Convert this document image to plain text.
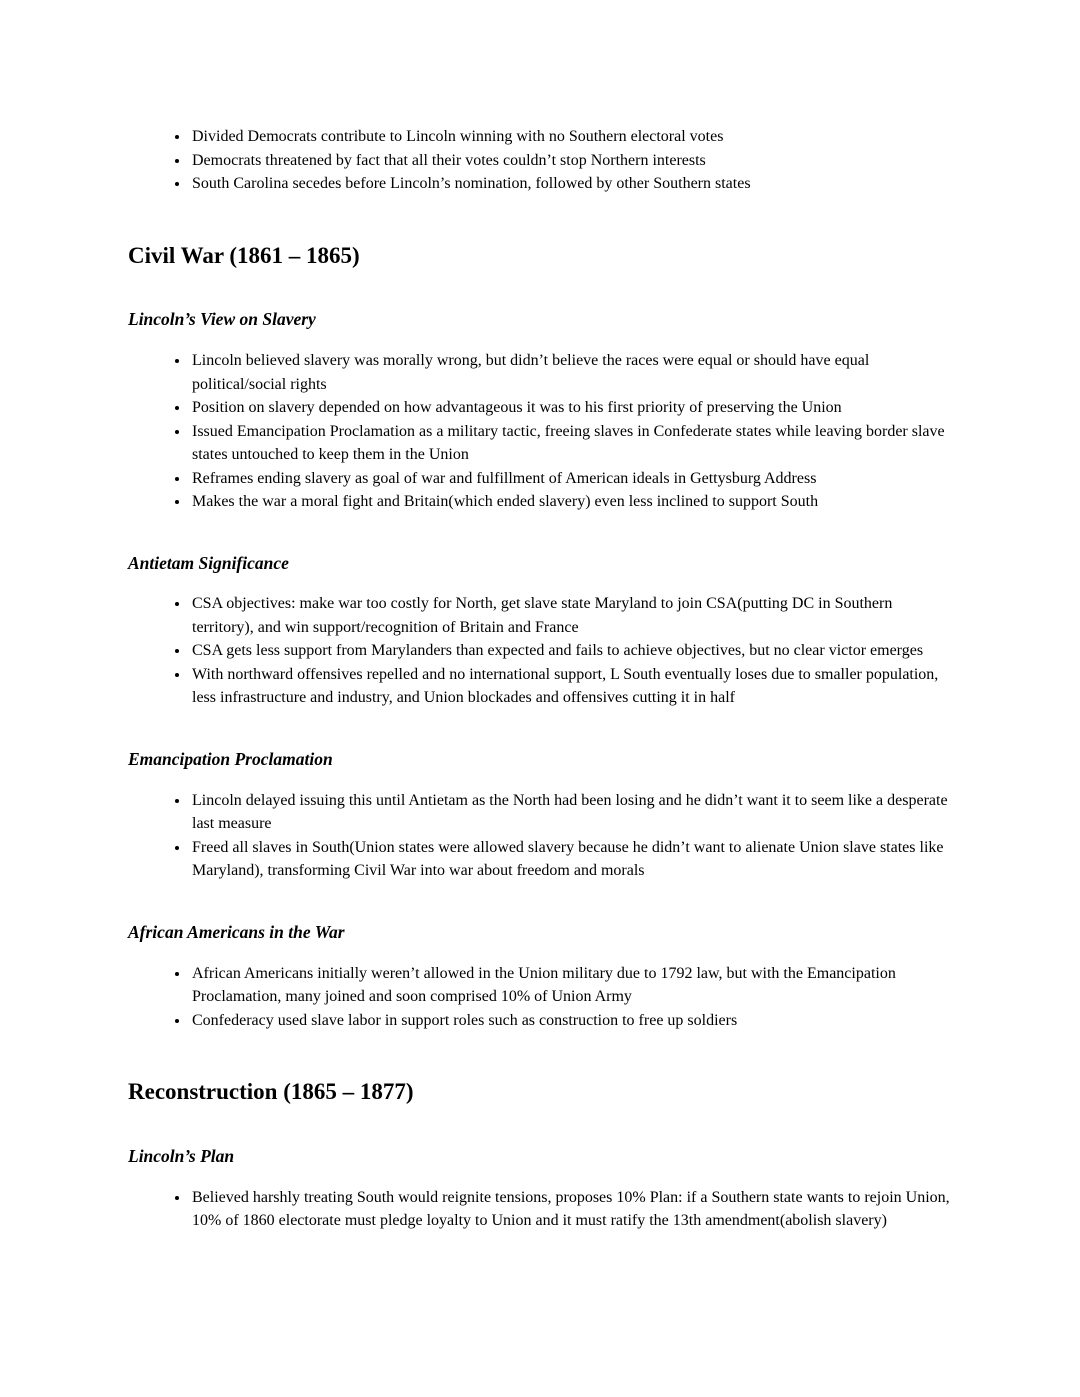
• Divided Democrats contribute to Lincoln winning with no Southern electoral votes
• Democrats threatened by fact that all their votes couldn’t stop Northern interests
• South Carolina secedes before Lincoln’s nomination, followed by other Southern states
Civil War (1861 – 1865)
Lincoln’s View on Slavery
• Lincoln believed slavery was morally wrong, but didn’t believe the races were equal or should have equal political/social rights
• Position on slavery depended on how advantageous it was to his first priority of preserving the Union
• Issued Emancipation Proclamation as a military tactic, freeing slaves in Confederate states while leaving border slave states untouched to keep them in the Union
• Reframes ending slavery as goal of war and fulfillment of American ideals in Gettysburg Address
• Makes the war a moral fight and Britain(which ended slavery) even less inclined to support South
Antietam Significance
• CSA objectives: make war too costly for North, get slave state Maryland to join CSA(putting DC in Southern territory), and win support/recognition of Britain and France
• CSA gets less support from Marylanders than expected and fails to achieve objectives, but no clear victor emerges
• With northward offensives repelled and no international support, L South eventually loses due to smaller population, less infrastructure and industry, and Union blockades and offensives cutting it in half
Emancipation Proclamation
• Lincoln delayed issuing this until Antietam as the North had been losing and he didn’t want it to seem like a desperate last measure
• Freed all slaves in South(Union states were allowed slavery because he didn’t want to alienate Union slave states like Maryland), transforming Civil War into war about freedom and morals
African Americans in the War
• African Americans initially weren’t allowed in the Union military due to 1792 law, but with the Emancipation Proclamation, many joined and soon comprised 10% of Union Army
• Confederacy used slave labor in support roles such as construction to free up soldiers
Reconstruction (1865 – 1877)
Lincoln’s Plan
• Believed harshly treating South would reignite tensions, proposes 10% Plan: if a Southern state wants to rejoin Union, 10% of 1860 electorate must pledge loyalty to Union and it must ratify the 13th amendment(abolish slavery)
